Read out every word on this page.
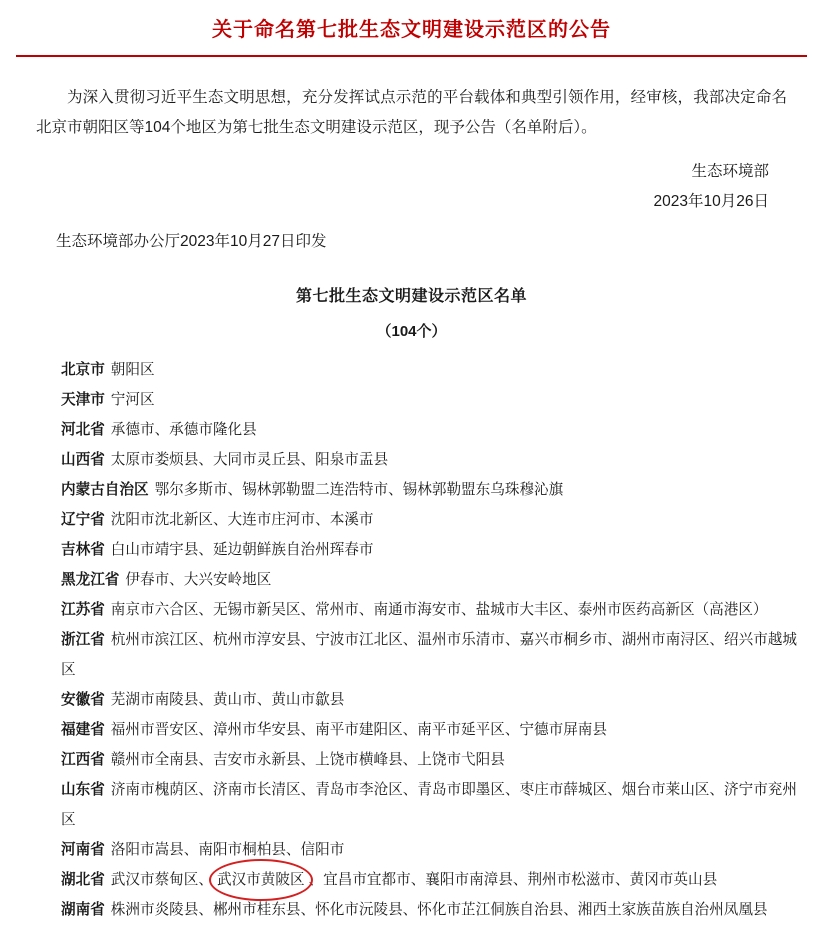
关于命名第七批生态文明建设示范区的公告
为深入贯彻习近平生态文明思想，充分发挥试点示范的平台载体和典型引领作用，经审核，我部决定命名北京市朝阳区等104个地区为第七批生态文明建设示范区，现予公告（名单附后）。
生态环境部
2023年10月26日
生态环境部办公厅2023年10月27日印发
第七批生态文明建设示范区名单
（104个）
北京市 朝阳区
天津市 宁河区
河北省 承德市、承德市隆化县
山西省 太原市娄烦县、大同市灵丘县、阳泉市盂县
内蒙古自治区 鄂尔多斯市、锡林郭勒盟二连浩特市、锡林郭勒盟东乌珠穆沁旗
辽宁省 沈阳市沈北新区、大连市庄河市、本溪市
吉林省 白山市靖宇县、延边朝鲜族自治州珲春市
黑龙江省 伊春市、大兴安岭地区
江苏省 南京市六合区、无锡市新吴区、常州市、南通市海安市、盐城市大丰区、泰州市医药高新区（高港区）
浙江省 杭州市滨江区、杭州市淳安县、宁波市江北区、温州市乐清市、嘉兴市桐乡市、湖州市南浔区、绍兴市越城区
安徽省 芜湖市南陵县、黄山市、黄山市歙县
福建省 福州市晋安区、漳州市华安县、南平市建阳区、南平市延平区、宁德市屏南县
江西省 赣州市全南县、吉安市永新县、上饶市横峰县、上饶市弋阳县
山东省 济南市槐荫区、济南市长清区、青岛市李沧区、青岛市即墨区、枣庄市薛城区、烟台市莱山区、济宁市兖州区
河南省 洛阳市嵩县、南阳市桐柏县、信阳市
湖北省 武汉市蔡甸区、 武汉市黄陂区 、宜昌市宜都市、襄阳市南漳县、荆州市松滋市、黄冈市英山县
湖南省 株洲市炎陵县、郴州市桂东县、怀化市沅陵县、怀化市芷江侗族自治县、湘西土家族苗族自治州凤凰县
